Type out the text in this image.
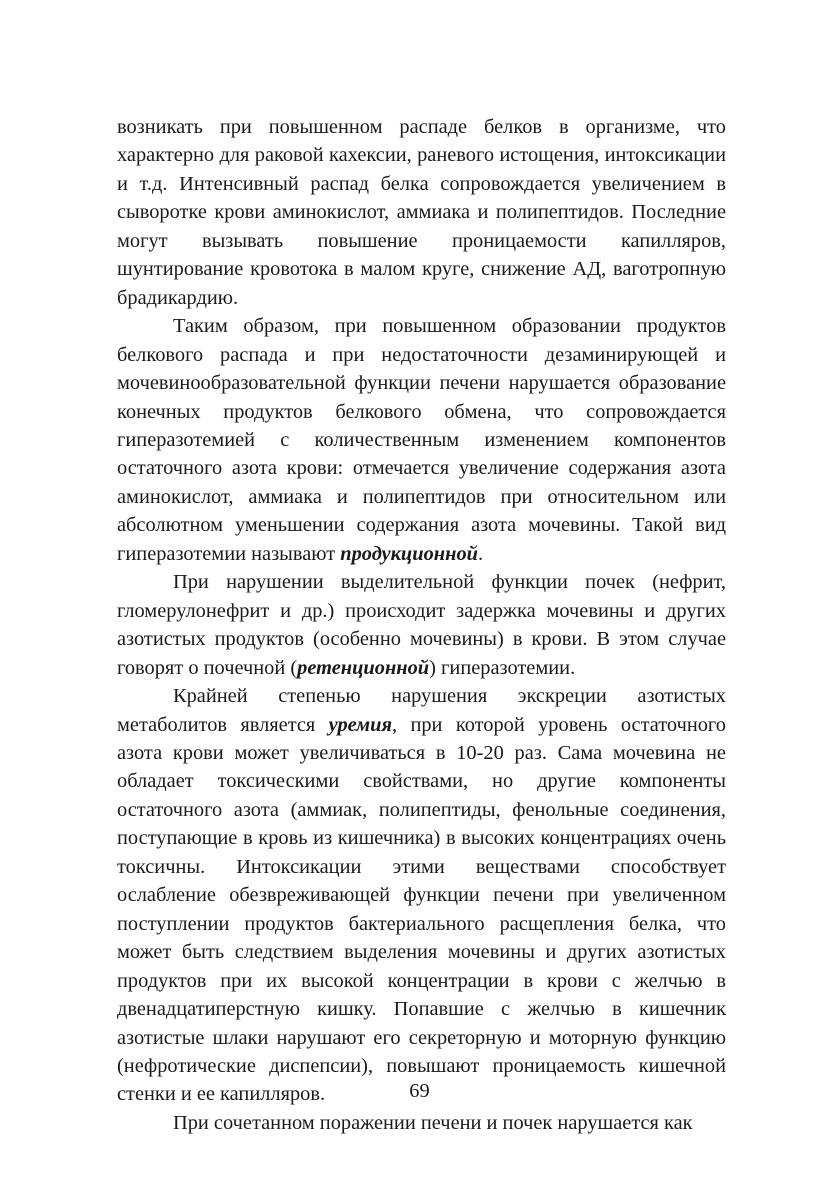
возникать при повышенном распаде белков в организме, что характерно для раковой кахексии, раневого истощения, интоксикации и т.д. Интенсивный распад белка сопровождается увеличением в сыворотке крови аминокислот, аммиака и полипептидов. Последние могут вызывать повышение проницаемости капилляров, шунтирование кровотока в малом круге, снижение АД, ваготропную брадикардию.

Таким образом, при повышенном образовании продуктов белкового распада и при недостаточности дезаминирующей и мочевинообразовательной функции печени нарушается образование конечных продуктов белкового обмена, что сопровождается гиперазотемией с количественным изменением компонентов остаточного азота крови: отмечается увеличение содержания азота аминокислот, аммиака и полипептидов при относительном или абсолютном уменьшении содержания азота мочевины. Такой вид гиперазотемии называют продукционной.

При нарушении выделительной функции почек (нефрит, гломерулонефрит и др.) происходит задержка мочевины и других азотистых продуктов (особенно мочевины) в крови. В этом случае говорят о почечной (ретенционной) гиперазотемии.

Крайней степенью нарушения экскреции азотистых метаболитов является уремия, при которой уровень остаточного азота крови может увеличиваться в 10-20 раз. Сама мочевина не обладает токсическими свойствами, но другие компоненты остаточного азота (аммиак, полипептиды, фенольные соединения, поступающие в кровь из кишечника) в высоких концентрациях очень токсичны. Интоксикации этими веществами способствует ослабление обезвреживающей функции печени при увеличенном поступлении продуктов бактериального расщепления белка, что может быть следствием выделения мочевины и других азотистых продуктов при их высокой концентрации в крови с желчью в двенадцатиперстную кишку. Попавшие с желчью в кишечник азотистые шлаки нарушают его секреторную и моторную функцию (нефротические диспепсии), повышают проницаемость кишечной стенки и ее капилляров.

При сочетанном поражении печени и почек нарушается как

69
